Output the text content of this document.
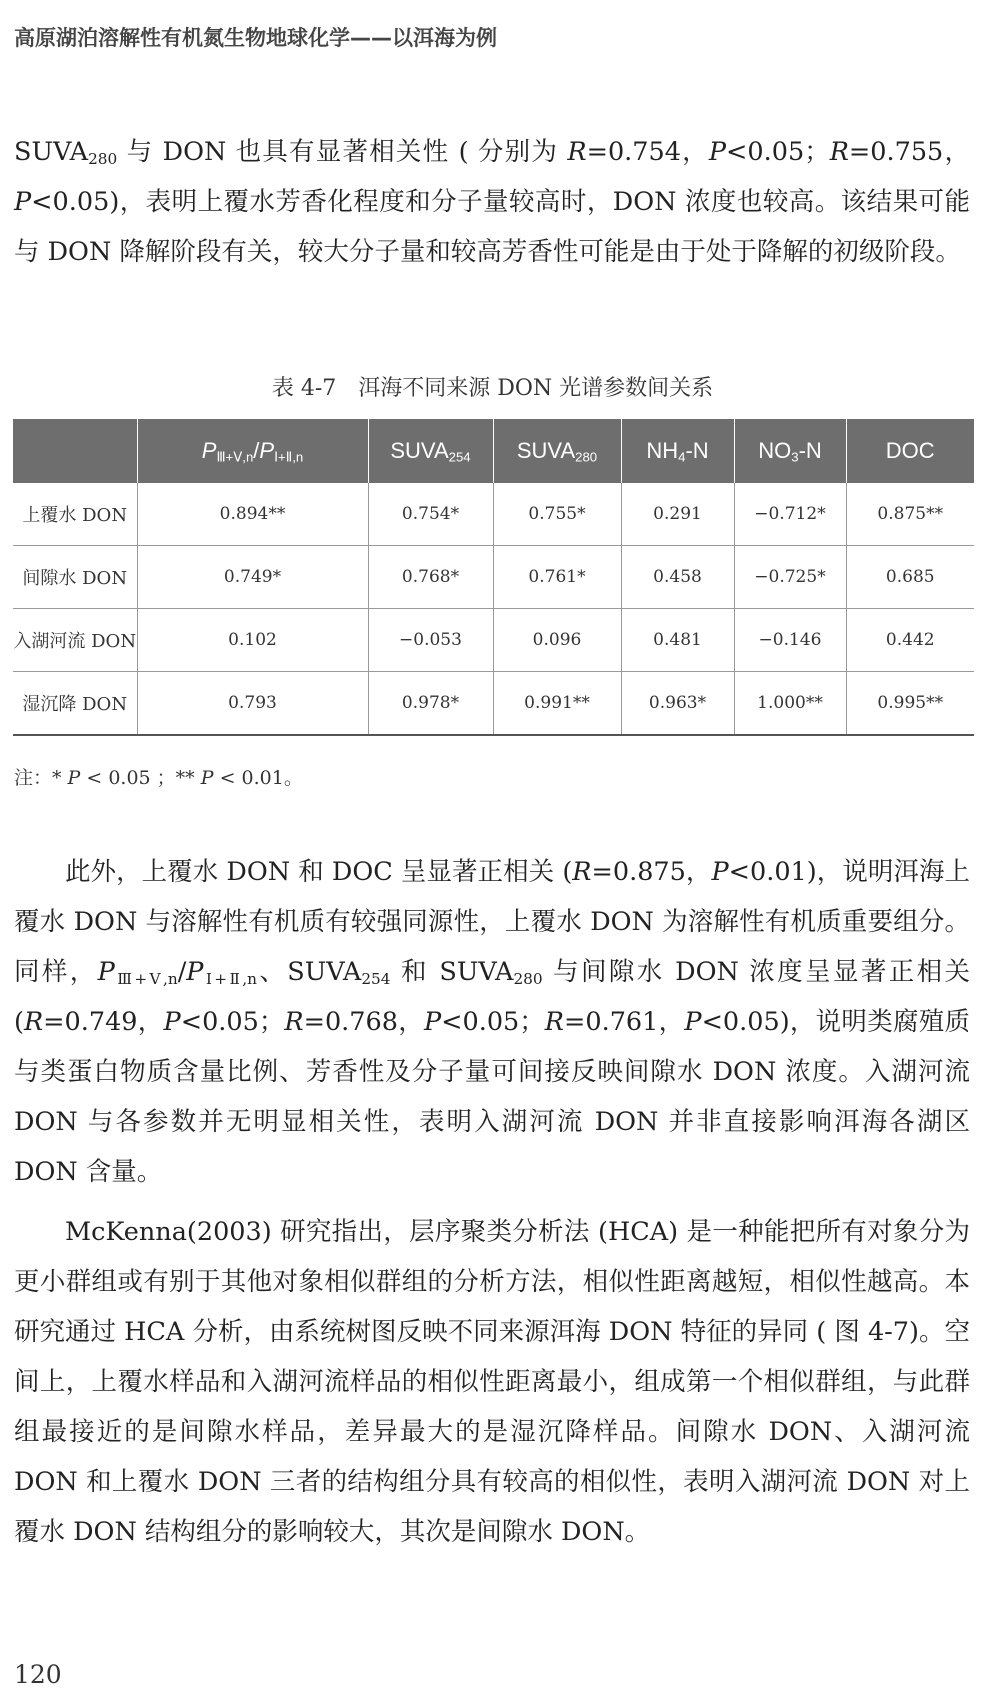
高原湖泊溶解性有机氮生物地球化学——以洱海为例

$SUVA_{280}$ 与 DON 也具有显著相关性 ( 分别为 R=0.754，P<0.05；R=0.755，P<0.05)，表明上覆水芳香化程度和分子量较高时，DON 浓度也较高。该结果可能与 DON 降解阶段有关，较大分子量和较高芳香性可能是由于处于降解的初级阶段。

表 4-7　洱海不同来源 DON 光谱参数间关系
	$P_{Ⅲ+Ⅴ,n}/P_{Ⅰ+Ⅱ,n}$	$SUVA_{254}$	$SUVA_{280}$	$NH_4-N$	$NO_3-N$	DOC
上覆水 DON	0.894**	0.754*	0.755*	0.291	−0.712*	0.875**
间隙水 DON	0.749*	0.768*	0.761*	0.458	−0.725*	0.685
入湖河流 DON	0.102	−0.053	0.096	0.481	−0.146	0.442
湿沉降 DON	0.793	0.978*	0.991**	0.963*	1.000**	0.995**
注：* P < 0.05 ；** P < 0.01。

此外，上覆水 DON 和 DOC 呈显著正相关 (R=0.875，P<0.01)，说明洱海上覆水 DON 与溶解性有机质有较强同源性，上覆水 DON 为溶解性有机质重要组分。同样，$P_{Ⅲ+Ⅴ,n}/P_{Ⅰ+Ⅱ,n}$、$SUVA_{254}$ 和 $SUVA_{280}$ 与间隙水 DON 浓度呈显著正相关 (R=0.749，P<0.05；R=0.768，P<0.05；R=0.761，P<0.05)，说明类腐殖质与类蛋白物质含量比例、芳香性及分子量可间接反映间隙水 DON 浓度。入湖河流 DON 与各参数并无明显相关性，表明入湖河流 DON 并非直接影响洱海各湖区 DON 含量。

McKenna(2003) 研究指出，层序聚类分析法 (HCA) 是一种能把所有对象分为更小群组或有别于其他对象相似群组的分析方法，相似性距离越短，相似性越高。本研究通过 HCA 分析，由系统树图反映不同来源洱海 DON 特征的异同 ( 图 4-7)。空间上，上覆水样品和入湖河流样品的相似性距离最小，组成第一个相似群组，与此群组最接近的是间隙水样品，差异最大的是湿沉降样品。间隙水 DON、入湖河流 DON 和上覆水 DON 三者的结构组分具有较高的相似性，表明入湖河流 DON 对上覆水 DON 结构组分的影响较大，其次是间隙水 DON。

120
